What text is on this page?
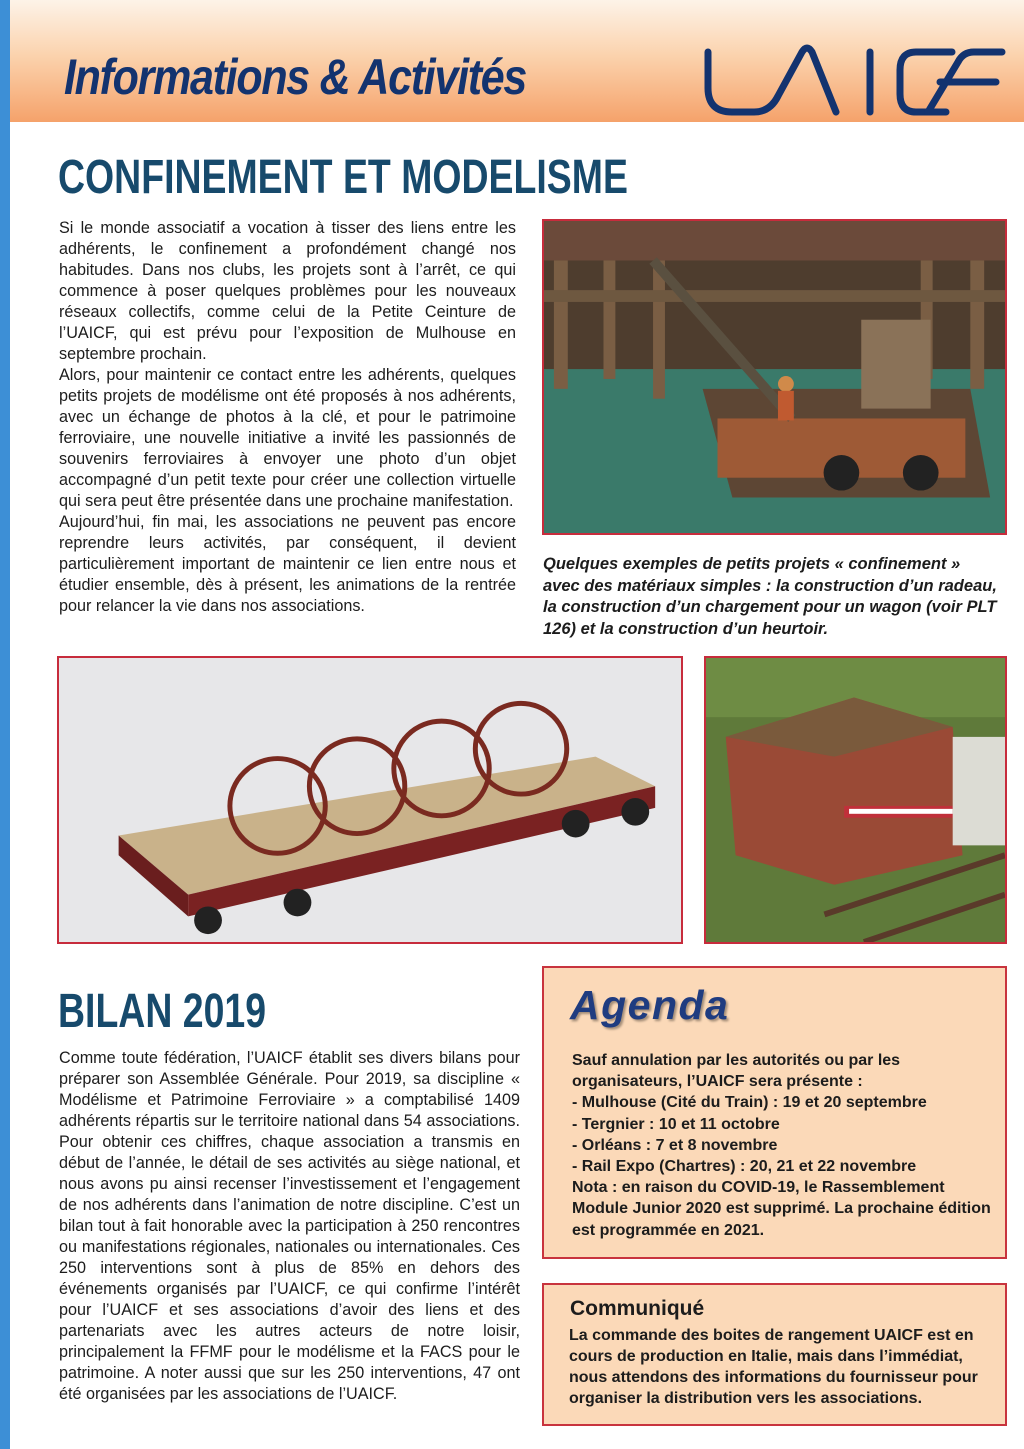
Informations & Activités
CONFINEMENT ET MODELISME

Si le monde associatif a vocation à tisser des liens entre les adhérents, le confinement a profondément changé nos habitudes. Dans nos clubs, les projets sont à l’arrêt, ce qui commence à poser quelques problèmes pour les nouveaux réseaux collectifs, comme celui de la Petite Ceinture de l’UAICF, qui est prévu pour l’exposition de Mulhouse en septembre prochain.

Alors, pour maintenir ce contact entre les adhérents, quelques petits projets de modélisme ont été proposés à nos adhérents, avec un échange de photos à la clé, et pour le patrimoine ferroviaire, une nouvelle initiative a invité les passionnés de souvenirs ferroviaires à envoyer une photo d’un objet accompagné d’un petit texte pour créer une collection virtuelle qui sera peut être présentée dans une prochaine manifestation.

Aujourd’hui, fin mai, les associations ne peuvent pas encore reprendre leurs activités, par conséquent, il devient particulièrement important de maintenir ce lien entre nous et étudier ensemble, dès à présent, les animations de la rentrée pour relancer la vie dans nos associations.

Quelques exemples de petits projets « confinement » avec des matériaux simples : la construction d’un radeau, la construction d’un chargement pour un wagon (voir PLT 126) et la construction d’un heurtoir.

BILAN 2019

Comme toute fédération, l’UAICF établit ses divers bilans pour préparer son Assemblée Générale. Pour 2019, sa discipline « Modélisme et Patrimoine Ferroviaire » a comptabilisé 1409 adhérents répartis sur le territoire national dans 54 associations. Pour obtenir ces chiffres, chaque association a transmis en début de l’année, le détail de ses activités au siège national, et nous avons pu ainsi recenser l’investissement et l’engagement de nos adhérents dans l’animation de notre discipline. C’est un bilan tout à fait honorable avec la participation à 250 rencontres ou manifestations régionales, nationales ou internationales. Ces 250 interventions sont à plus de 85% en dehors des événements organisés par l’UAICF, ce qui confirme l’intérêt pour l’UAICF et ses associations d’avoir des liens et des partenariats avec les autres acteurs de notre loisir, principalement la FFMF pour le modélisme et la FACS pour le patrimoine. A noter aussi que sur les 250 interventions, 47 ont été organisées par les associations de l’UAICF.

Agenda
Sauf annulation par les autorités ou par les organisateurs, l’UAICF sera présente :
- Mulhouse (Cité du Train) : 19 et 20 septembre
- Tergnier : 10 et 11 octobre
- Orléans : 7 et 8 novembre
- Rail Expo (Chartres) : 20, 21 et 22 novembre
Nota : en raison du COVID-19, le Rassemblement Module Junior 2020 est supprimé. La prochaine édition est programmée en 2021.
Communiqué

La commande des boites de rangement UAICF est en cours de production en Italie, mais dans l’immédiat, nous attendons des informations du fournisseur pour organiser la distribution vers les associations.
